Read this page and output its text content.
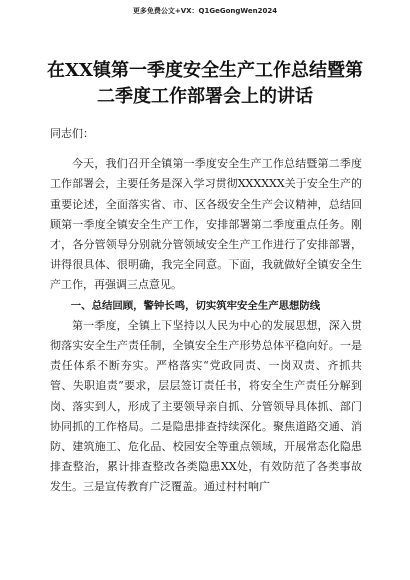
更多免费公文+VX：Q1GeGongWen2024
在XX镇第一季度安全生产工作总结暨第
二季度工作部署会上的讲话

同志们：

今天，我们召开全镇第一季度安全生产工作总结暨第二季度工作部署会，主要任务是深入学习贯彻XXXXXX关于安全生产的重要论述，全面落实省、市、区各级安全生产会议精神，总结回顾第一季度全镇安全生产工作，安排部署第二季度重点任务。刚才，各分管领导分别就分管领域安全生产工作进行了安排部署，讲得很具体、很明确，我完全同意。下面，我就做好全镇安全生产工作，再强调三点意见。

一、总结回顾，警钟长鸣，切实筑牢安全生产思想防线

第一季度，全镇上下坚持以人民为中心的发展思想，深入贯彻落实安全生产责任制，全镇安全生产形势总体平稳向好。一是责任体系不断夯实。严格落实“党政同责、一岗双责、齐抓共管、失职追责”要求，层层签订责任书，将安全生产责任分解到岗、落实到人，形成了主要领导亲自抓、分管领导具体抓、部门协同抓的工作格局。二是隐患排查持续深化。聚焦道路交通、消防、建筑施工、危化品、校园安全等重点领域，开展常态化隐患排查整治，累计排查整改各类隐患XX处，有效防范了各类事故发生。三是宣传教育广泛覆盖。通过村村响广
